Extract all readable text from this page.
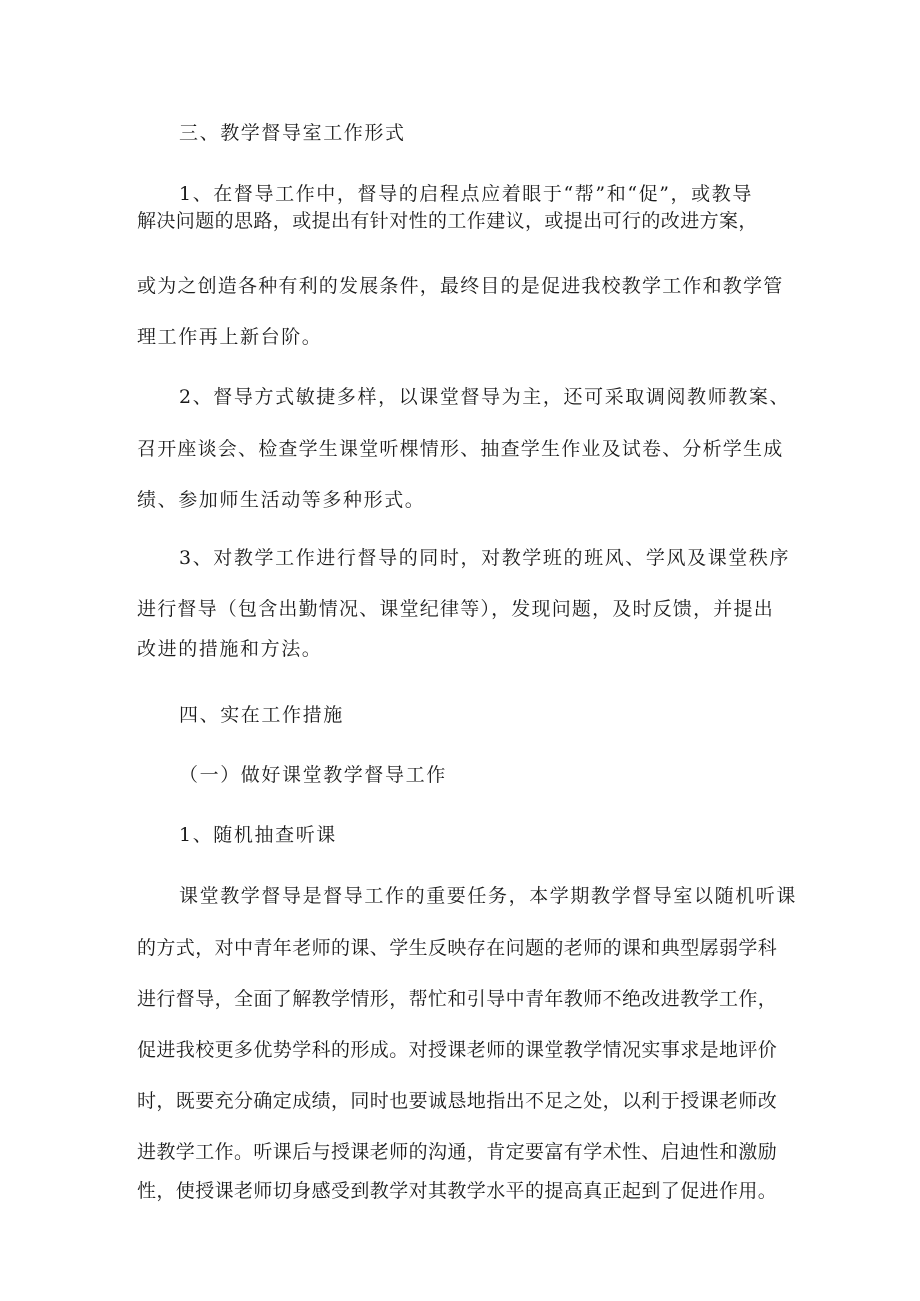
三、教学督导室工作形式
1、在督导工作中，督导的启程点应着眼于“帮”和“促”，或教导
解决问题的思路，或提出有针对性的工作建议，或提出可行的改进方案，
或为之创造各种有利的发展条件，最终目的是促进我校教学工作和教学管
理工作再上新台阶。
2、督导方式敏捷多样，以课堂督导为主，还可采取调阅教师教案、
召开座谈会、检查学生课堂听棵情形、抽查学生作业及试卷、分析学生成
绩、参加师生活动等多种形式。
3、对教学工作进行督导的同时，对教学班的班风、学风及课堂秩序
进行督导（包含出勤情况、课堂纪律等），发现问题，及时反馈，并提出
改进的措施和方法。
四、实在工作措施
（一）做好课堂教学督导工作
1、随机抽查听课
课堂教学督导是督导工作的重要任务，本学期教学督导室以随机听课
的方式，对中青年老师的课、学生反映存在问题的老师的课和典型孱弱学科
进行督导，全面了解教学情形，帮忙和引导中青年教师不绝改进教学工作，
促进我校更多优势学科的形成。对授课老师的课堂教学情况实事求是地评价
时，既要充分确定成绩，同时也要诚恳地指出不足之处，以利于授课老师改
进教学工作。听课后与授课老师的沟通，肯定要富有学术性、启迪性和激励
性，使授课老师切身感受到教学对其教学水平的提高真正起到了促进作用。
